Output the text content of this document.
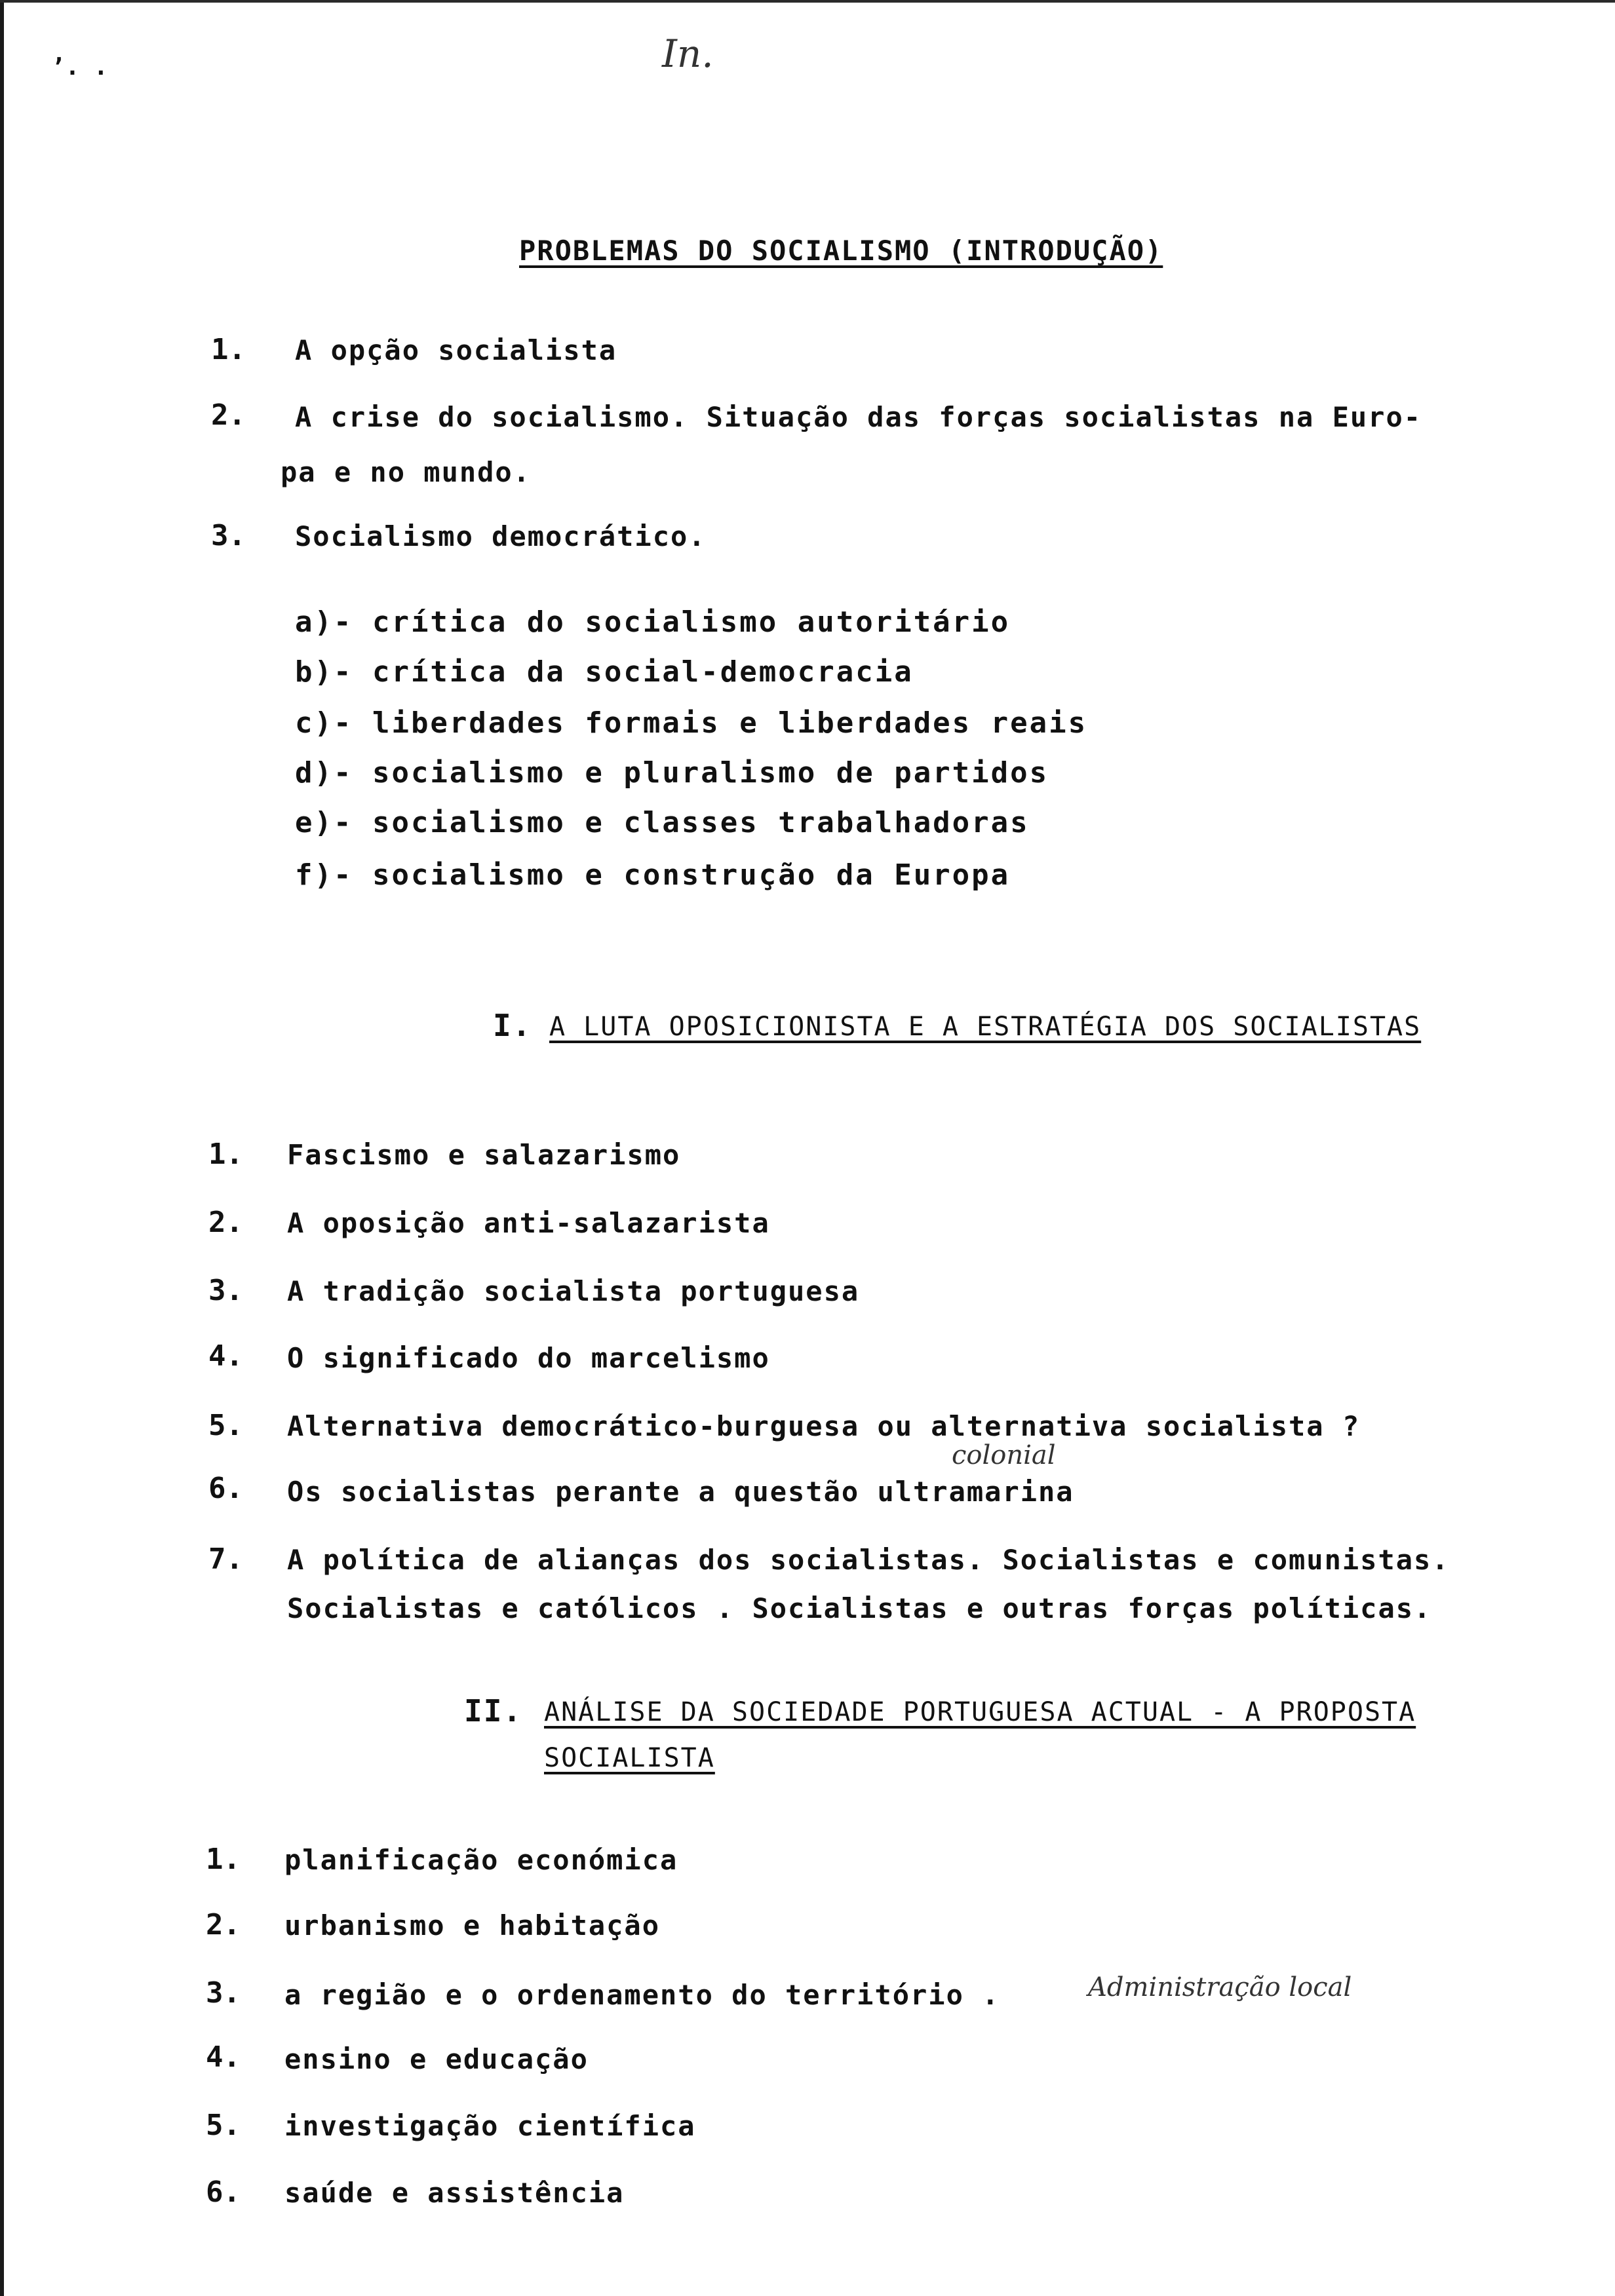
ʼ. .	In.
PROBLEMAS DO SOCIALISMO (INTRODUÇÃO)
1. A opção socialista
2. A crise do socialismo. Situação das forças socialistas na Euro-
pa e no mundo.
3. Socialismo democrático.
a)- crítica do socialismo autoritário
b)- crítica da social-democracia
c)- liberdades formais e liberdades reais
d)- socialismo e pluralismo de partidos
e)- socialismo e classes trabalhadoras
f)- socialismo e construção da Europa
I. A LUTA OPOSICIONISTA E A ESTRATÉGIA DOS SOCIALISTAS
1. Fascismo e salazarismo
2. A oposição anti-salazarista
3. A tradição socialista portuguesa
4. O significado do marcelismo
5. Alternativa democrático-burguesa ou alternativa socialista ?
colonial
6. Os socialistas perante a questão ultramarina
7. A política de alianças dos socialistas. Socialistas e comunistas.
Socialistas e católicos . Socialistas e outras forças políticas.
II. ANÁLISE DA SOCIEDADE PORTUGUESA ACTUAL - A PROPOSTA
SOCIALISTA
1. planificação económica
2. urbanismo e habitação
3. a região e o ordenamento do território .	Administração local
4. ensino e educação
5. investigação científica
6. saúde e assistência
